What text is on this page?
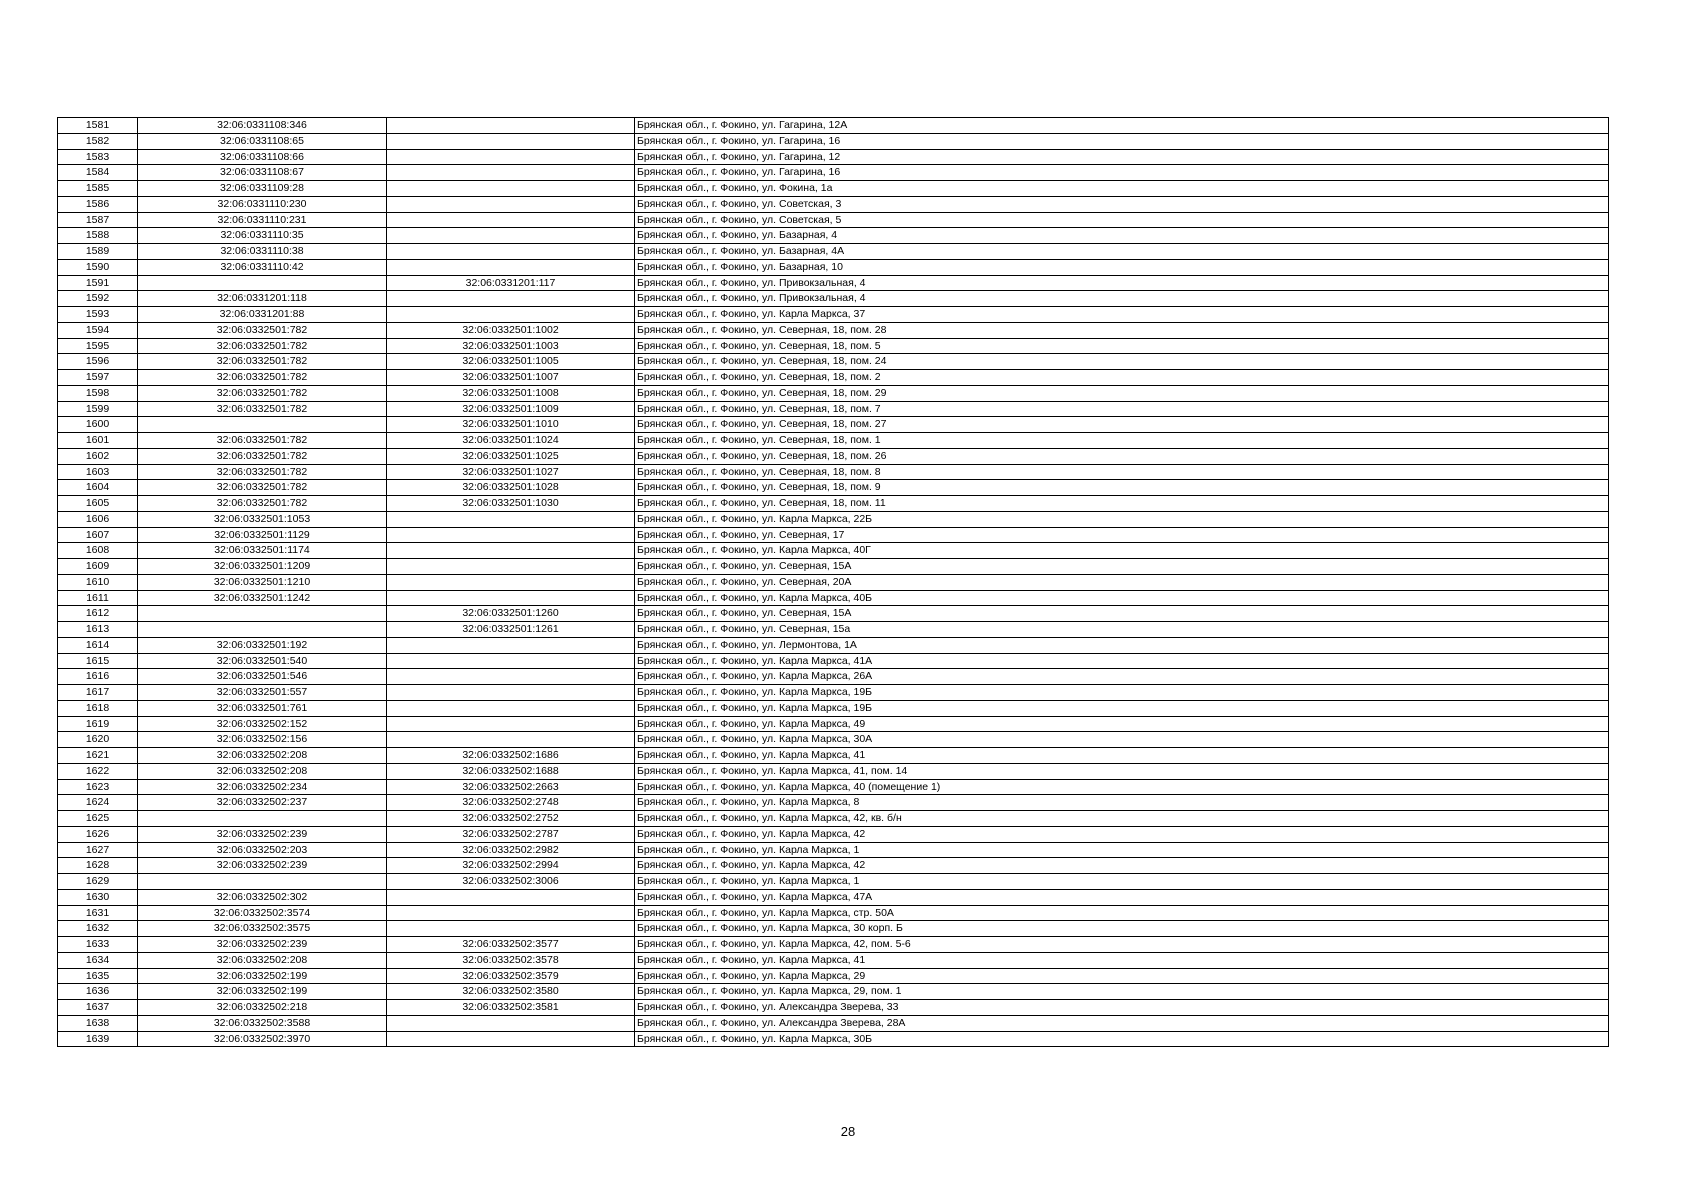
1581	32:06:0331108:346		Брянская обл., г. Фокино, ул. Гагарина, 12А
1582	32:06:0331108:65		Брянская обл., г. Фокино, ул. Гагарина, 16
1583	32:06:0331108:66		Брянская обл., г. Фокино, ул. Гагарина, 12
1584	32:06:0331108:67		Брянская обл., г. Фокино, ул. Гагарина, 16
1585	32:06:0331109:28		Брянская обл., г. Фокино, ул. Фокина, 1а
1586	32:06:0331110:230		Брянская обл., г. Фокино, ул. Советская, 3
1587	32:06:0331110:231		Брянская обл., г. Фокино, ул. Советская, 5
1588	32:06:0331110:35		Брянская обл., г. Фокино, ул. Базарная, 4
1589	32:06:0331110:38		Брянская обл., г. Фокино, ул. Базарная, 4А
1590	32:06:0331110:42		Брянская обл., г. Фокино, ул. Базарная, 10
1591		32:06:0331201:117	Брянская обл., г. Фокино, ул. Привокзальная, 4
1592	32:06:0331201:118		Брянская обл., г. Фокино, ул. Привокзальная, 4
1593	32:06:0331201:88		Брянская обл., г. Фокино, ул. Карла Маркса, 37
1594	32:06:0332501:782	32:06:0332501:1002	Брянская обл., г. Фокино, ул. Северная, 18, пом. 28
1595	32:06:0332501:782	32:06:0332501:1003	Брянская обл., г. Фокино, ул. Северная, 18, пом. 5
1596	32:06:0332501:782	32:06:0332501:1005	Брянская обл., г. Фокино, ул. Северная, 18, пом. 24
1597	32:06:0332501:782	32:06:0332501:1007	Брянская обл., г. Фокино, ул. Северная, 18, пом. 2
1598	32:06:0332501:782	32:06:0332501:1008	Брянская обл., г. Фокино, ул. Северная, 18, пом. 29
1599	32:06:0332501:782	32:06:0332501:1009	Брянская обл., г. Фокино, ул. Северная, 18, пом. 7
1600		32:06:0332501:1010	Брянская обл., г. Фокино, ул. Северная, 18, пом. 27
1601	32:06:0332501:782	32:06:0332501:1024	Брянская обл., г. Фокино, ул. Северная, 18, пом. 1
1602	32:06:0332501:782	32:06:0332501:1025	Брянская обл., г. Фокино, ул. Северная, 18, пом. 26
1603	32:06:0332501:782	32:06:0332501:1027	Брянская обл., г. Фокино, ул. Северная, 18, пом. 8
1604	32:06:0332501:782	32:06:0332501:1028	Брянская обл., г. Фокино, ул. Северная, 18, пом. 9
1605	32:06:0332501:782	32:06:0332501:1030	Брянская обл., г. Фокино, ул. Северная, 18, пом. 11
1606	32:06:0332501:1053		Брянская обл., г. Фокино, ул. Карла Маркса, 22Б
1607	32:06:0332501:1129		Брянская обл., г. Фокино, ул. Северная, 17
1608	32:06:0332501:1174		Брянская обл., г. Фокино, ул. Карла Маркса, 40Г
1609	32:06:0332501:1209		Брянская обл., г. Фокино, ул. Северная, 15А
1610	32:06:0332501:1210		Брянская обл., г. Фокино, ул. Северная, 20А
1611	32:06:0332501:1242		Брянская обл., г. Фокино, ул. Карла Маркса, 40Б
1612		32:06:0332501:1260	Брянская обл., г. Фокино, ул. Северная, 15А
1613		32:06:0332501:1261	Брянская обл., г. Фокино, ул. Северная, 15а
1614	32:06:0332501:192		Брянская обл., г. Фокино, ул. Лермонтова, 1А
1615	32:06:0332501:540		Брянская обл., г. Фокино, ул. Карла Маркса, 41А
1616	32:06:0332501:546		Брянская обл., г. Фокино, ул. Карла Маркса, 26А
1617	32:06:0332501:557		Брянская обл., г. Фокино, ул. Карла Маркса, 19Б
1618	32:06:0332501:761		Брянская обл., г. Фокино, ул. Карла Маркса, 19Б
1619	32:06:0332502:152		Брянская обл., г. Фокино, ул. Карла Маркса, 49
1620	32:06:0332502:156		Брянская обл., г. Фокино, ул. Карла Маркса, 30А
1621	32:06:0332502:208	32:06:0332502:1686	Брянская обл., г. Фокино, ул. Карла Маркса, 41
1622	32:06:0332502:208	32:06:0332502:1688	Брянская обл., г. Фокино, ул. Карла Маркса, 41, пом. 14
1623	32:06:0332502:234	32:06:0332502:2663	Брянская обл., г. Фокино, ул. Карла Маркса, 40 (помещение 1)
1624	32:06:0332502:237	32:06:0332502:2748	Брянская обл., г. Фокино, ул. Карла Маркса, 8
1625		32:06:0332502:2752	Брянская обл., г. Фокино, ул. Карла Маркса, 42, кв. б/н
1626	32:06:0332502:239	32:06:0332502:2787	Брянская обл., г. Фокино, ул. Карла Маркса, 42
1627	32:06:0332502:203	32:06:0332502:2982	Брянская обл., г. Фокино, ул. Карла Маркса, 1
1628	32:06:0332502:239	32:06:0332502:2994	Брянская обл., г. Фокино, ул. Карла Маркса, 42
1629		32:06:0332502:3006	Брянская обл., г. Фокино, ул. Карла Маркса, 1
1630	32:06:0332502:302		Брянская обл., г. Фокино, ул. Карла Маркса, 47А
1631	32:06:0332502:3574		Брянская обл., г. Фокино, ул. Карла Маркса, стр. 50А
1632	32:06:0332502:3575		Брянская обл., г. Фокино, ул. Карла Маркса, 30 корп. Б
1633	32:06:0332502:239	32:06:0332502:3577	Брянская обл., г. Фокино, ул. Карла Маркса, 42, пом. 5-6
1634	32:06:0332502:208	32:06:0332502:3578	Брянская обл., г. Фокино, ул. Карла Маркса, 41
1635	32:06:0332502:199	32:06:0332502:3579	Брянская обл., г. Фокино, ул. Карла Маркса, 29
1636	32:06:0332502:199	32:06:0332502:3580	Брянская обл., г. Фокино, ул. Карла Маркса, 29, пом. 1
1637	32:06:0332502:218	32:06:0332502:3581	Брянская обл., г. Фокино, ул. Александра Зверева, 33
1638	32:06:0332502:3588		Брянская обл., г. Фокино, ул. Александра Зверева, 28А
1639	32:06:0332502:3970		Брянская обл., г. Фокино, ул. Карла Маркса, 30Б
28
